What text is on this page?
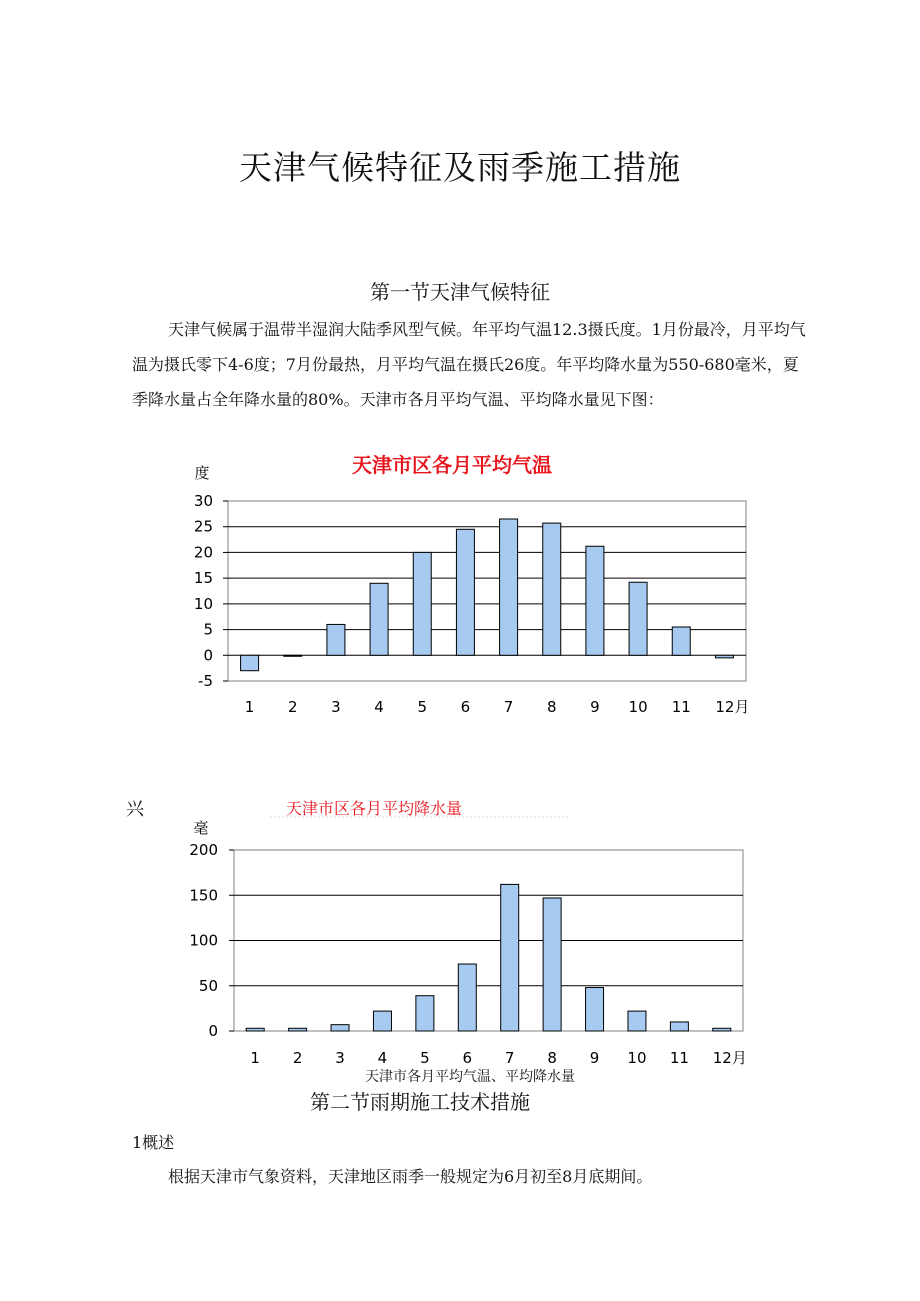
天津气候特征及雨季施工措施
第一节天津气候特征

天津气候属于温带半湿润大陆季风型气候。年平均气温12.3摄氏度。1月份最冷，月平均气温为摄氏零下4-6度；7月份最热，月平均气温在摄氏26度。年平均降水量为550-680毫米，夏季降水量占全年降水量的80%。天津市各月平均气温、平均降水量见下图：

兴
天津市区各月平均气温
度
30
25
20
15
10
5
0
-5
1 2 3 4 5 6 7 8 9 10 11 12月
天津市区各月平均降水量
毫
200
150
100
50
0
1 2 3 4 5 6 7 8 9 10 11 12月
天津市各月平均气温、平均降水量
第二节雨期施工技术措施
1概述
根据天津市气象资料，天津地区雨季一般规定为6月初至8月底期间。
